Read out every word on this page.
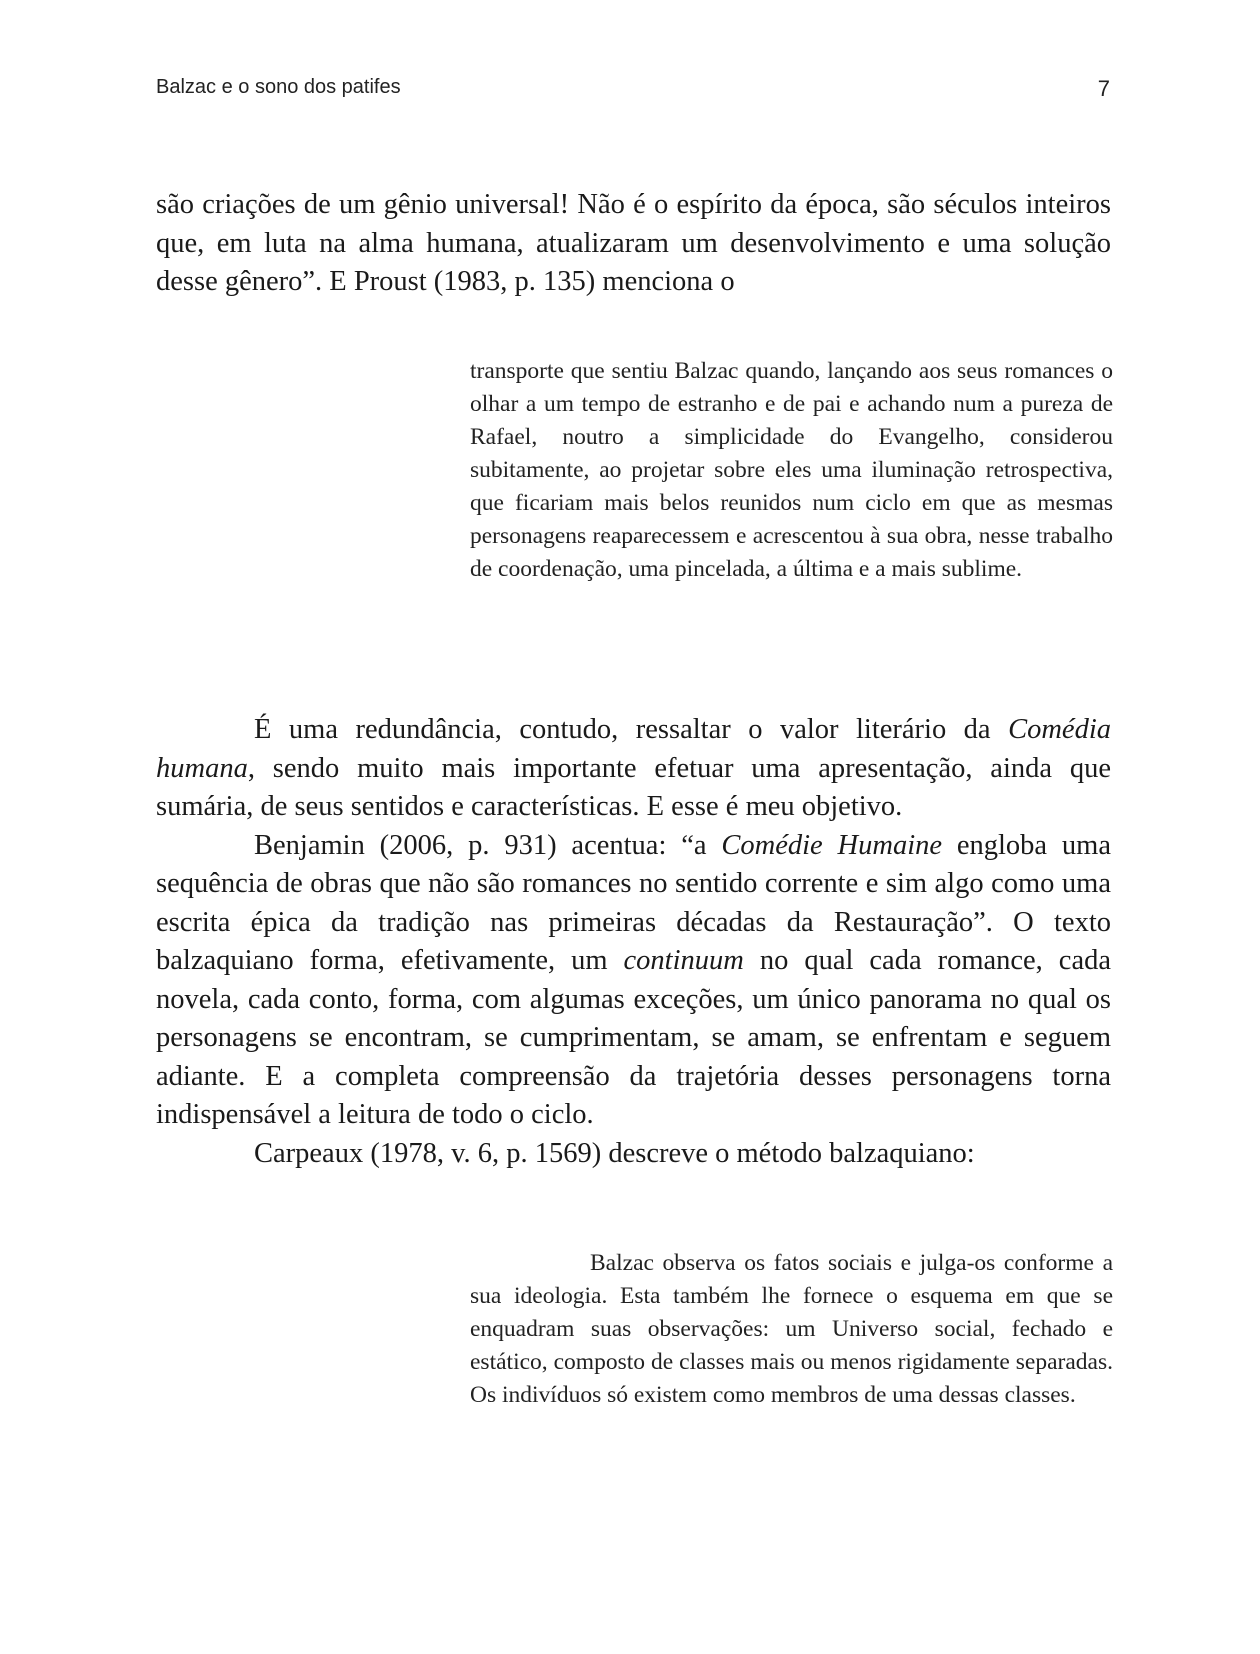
Balzac e o sono dos patifes	7

são criações de um gênio universal! Não é o espírito da época, são séculos inteiros que, em luta na alma humana, atualizaram um desenvolvimento e uma solução desse gênero”. E Proust (1983, p. 135) menciona o

transporte que sentiu Balzac quando, lançando aos seus romances o olhar a um tempo de estranho e de pai e achando num a pureza de Rafael, noutro a simplicidade do Evangelho, considerou subitamente, ao projetar sobre eles uma iluminação retrospectiva, que ficariam mais belos reunidos num ciclo em que as mesmas personagens reaparecessem e acrescentou à sua obra, nesse trabalho de coordenação, uma pincelada, a última e a mais sublime.

É uma redundância, contudo, ressaltar o valor literário da Comédia humana, sendo muito mais importante efetuar uma apresentação, ainda que sumária, de seus sentidos e características. E esse é meu objetivo.

Benjamin (2006, p. 931) acentua: “a Comédie Humaine engloba uma sequência de obras que não são romances no sentido corrente e sim algo como uma escrita épica da tradição nas primeiras décadas da Restauração”. O texto balzaquiano forma, efetivamente, um continuum no qual cada romance, cada novela, cada conto, forma, com algumas exceções, um único panorama no qual os personagens se encontram, se cumprimentam, se amam, se enfrentam e seguem adiante. E a completa compreensão da trajetória desses personagens torna indispensável a leitura de todo o ciclo.

Carpeaux (1978, v. 6, p. 1569) descreve o método balzaquiano:

Balzac observa os fatos sociais e julga-os conforme a sua ideologia. Esta também lhe fornece o esquema em que se enquadram suas observações: um Universo social, fechado e estático, composto de classes mais ou menos rigidamente separadas. Os indivíduos só existem como membros de uma dessas classes.
